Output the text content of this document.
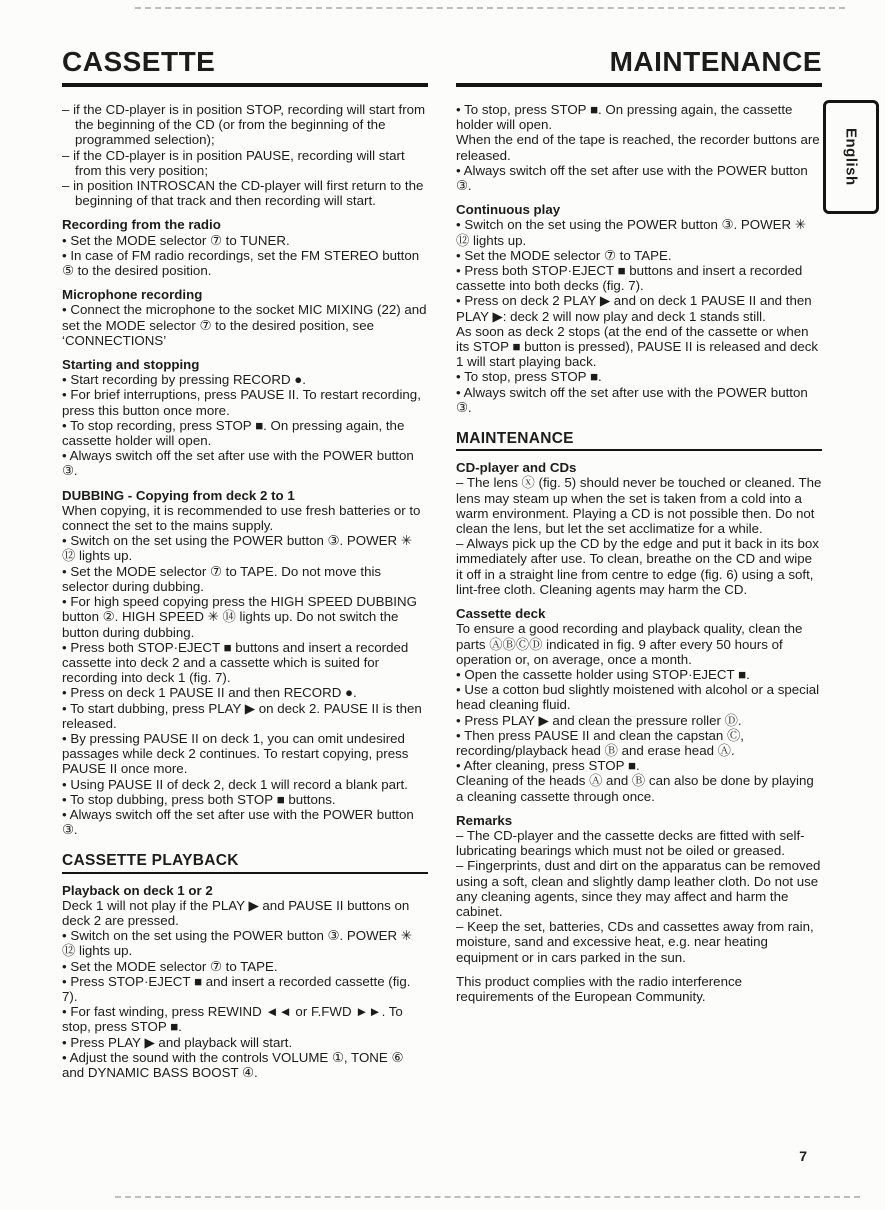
CASSETTE	MAINTENANCE
English

– if the CD-player is in position STOP, recording will start from the beginning of the CD (or from the beginning of the programmed selection);

– if the CD-player is in position PAUSE, recording will start from this very position;

– in position INTROSCAN the CD-player will first return to the beginning of that track and then recording will start.

Recording from the radio

• Set the MODE selector ⑦ to TUNER.

• In case of FM radio recordings, set the FM STEREO button ⑤ to the desired position.

Microphone recording

• Connect the microphone to the socket MIC MIXING (22) and set the MODE selector ⑦ to the desired position, see ‘CONNECTIONS’

Starting and stopping

• Start recording by pressing RECORD ●.

• For brief interruptions, press PAUSE II. To restart recording, press this button once more.

• To stop recording, press STOP ■. On pressing again, the cassette holder will open.

• Always switch off the set after use with the POWER button ③.

DUBBING - Copying from deck 2 to 1

When copying, it is recommended to use fresh batteries or to connect the set to the mains supply.

• Switch on the set using the POWER button ③. POWER ✳ ⑫ lights up.

• Set the MODE selector ⑦ to TAPE. Do not move this selector during dubbing.

• For high speed copying press the HIGH SPEED DUBBING button ②. HIGH SPEED ✳ ⑭ lights up. Do not switch the button during dubbing.

• Press both STOP·EJECT ■ buttons and insert a recorded cassette into deck 2 and a cassette which is suited for recording into deck 1 (fig. 7).

• Press on deck 1 PAUSE II and then RECORD ●.

• To start dubbing, press PLAY ▶ on deck 2. PAUSE II is then released.

• By pressing PAUSE II on deck 1, you can omit undesired passages while deck 2 continues. To restart copying, press PAUSE II once more.

• Using PAUSE II of deck 2, deck 1 will record a blank part.

• To stop dubbing, press both STOP ■ buttons.

• Always switch off the set after use with the POWER button ③.

CASSETTE PLAYBACK
Playback on deck 1 or 2

Deck 1 will not play if the PLAY ▶ and PAUSE II buttons on deck 2 are pressed.

• Switch on the set using the POWER button ③. POWER ✳ ⑫ lights up.

• Set the MODE selector ⑦ to TAPE.

• Press STOP·EJECT ■ and insert a recorded cassette (fig. 7).

• For fast winding, press REWIND ◄◄ or F.FWD ►►. To stop, press STOP ■.

• Press PLAY ▶ and playback will start.

• Adjust the sound with the controls VOLUME ①, TONE ⑥ and DYNAMIC BASS BOOST ④.

• To stop, press STOP ■. On pressing again, the cassette holder will open.

When the end of the tape is reached, the recorder buttons are released.

• Always switch off the set after use with the POWER button ③.

Continuous play

• Switch on the set using the POWER button ③. POWER ✳ ⑫ lights up.

• Set the MODE selector ⑦ to TAPE.

• Press both STOP·EJECT ■ buttons and insert a recorded cassette into both decks (fig. 7).

• Press on deck 2 PLAY ▶ and on deck 1 PAUSE II and then PLAY ▶: deck 2 will now play and deck 1 stands still.

As soon as deck 2 stops (at the end of the cassette or when its STOP ■ button is pressed), PAUSE II is released and deck 1 will start playing back.

• To stop, press STOP ■.

• Always switch off the set after use with the POWER button ③.

MAINTENANCE
CD-player and CDs

– The lens ⓧ (fig. 5) should never be touched or cleaned. The lens may steam up when the set is taken from a cold into a warm environment. Playing a CD is not possible then. Do not clean the lens, but let the set acclimatize for a while.

– Always pick up the CD by the edge and put it back in its box immediately after use. To clean, breathe on the CD and wipe it off in a straight line from centre to edge (fig. 6) using a soft, lint-free cloth. Cleaning agents may harm the CD.

Cassette deck

To ensure a good recording and playback quality, clean the parts ⒶⒷⒸⒹ indicated in fig. 9 after every 50 hours of operation or, on average, once a month.

• Open the cassette holder using STOP·EJECT ■.

• Use a cotton bud slightly moistened with alcohol or a special head cleaning fluid.

• Press PLAY ▶ and clean the pressure roller Ⓓ.

• Then press PAUSE II and clean the capstan Ⓒ, recording/playback head Ⓑ and erase head Ⓐ.

• After cleaning, press STOP ■.

Cleaning of the heads Ⓐ and Ⓑ can also be done by playing a cleaning cassette through once.

Remarks

– The CD-player and the cassette decks are fitted with self-lubricating bearings which must not be oiled or greased.

– Fingerprints, dust and dirt on the apparatus can be removed using a soft, clean and slightly damp leather cloth. Do not use any cleaning agents, since they may affect and harm the cabinet.

– Keep the set, batteries, CDs and cassettes away from rain, moisture, sand and excessive heat, e.g. near heating equipment or in cars parked in the sun.

This product complies with the radio interference requirements of the European Community.

7
